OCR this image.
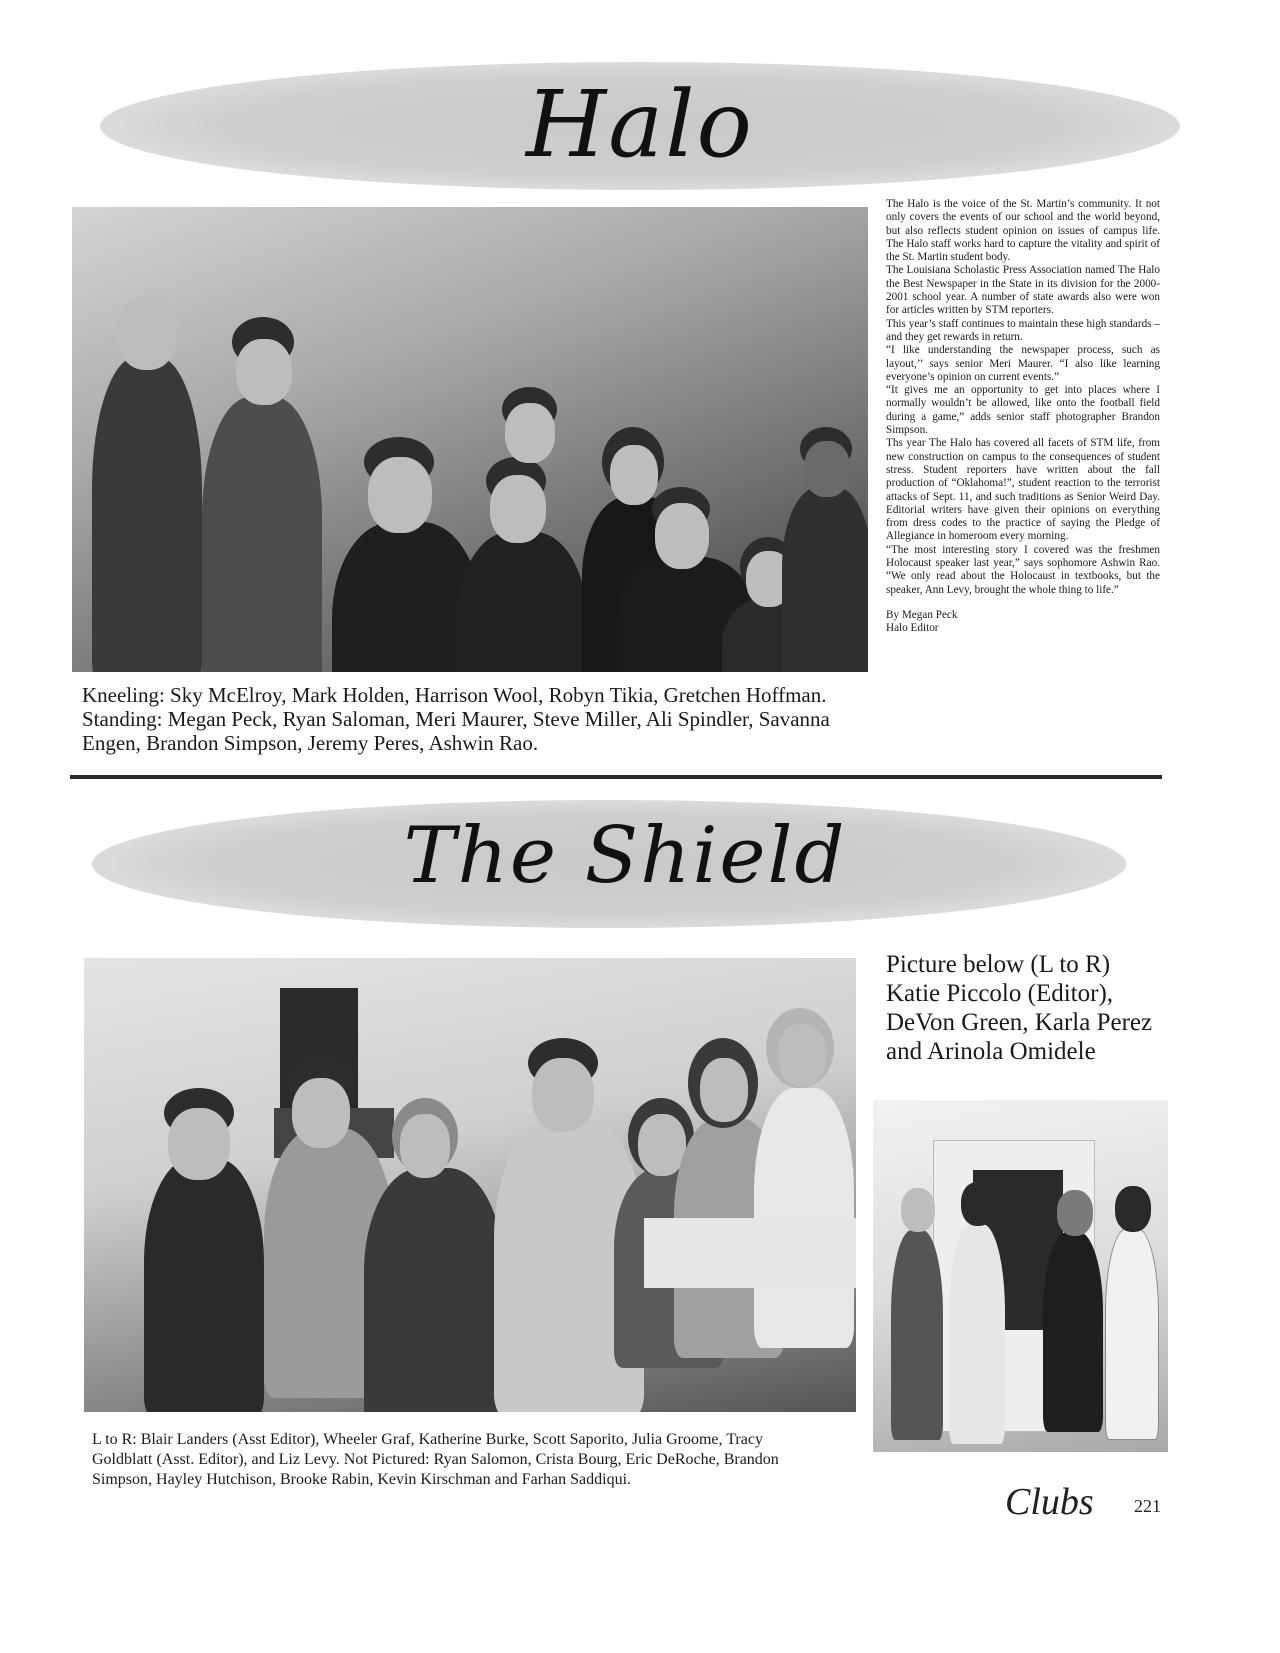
Halo
Kneeling: Sky McElroy, Mark Holden, Harrison Wool, Robyn Tikia, Gretchen Hoffman.
Standing: Megan Peck, Ryan Saloman, Meri Maurer, Steve Miller, Ali Spindler, Savanna
Engen, Brandon Simpson, Jeremy Peres, Ashwin Rao.

The Halo is the voice of the St. Martin’s community. It not only covers the events of our school and the world beyond, but also reflects student opinion on issues of campus life. The Halo staff works hard to capture the vitality and spirit of the St. Martin student body.

The Louisiana Scholastic Press Association named The Halo the Best Newspaper in the State in its division for the 2000-2001 school year. A number of state awards also were won for articles written by STM reporters.

This year’s staff continues to maintain these high standards – and they get rewards in return.

“I like understanding the newspaper process, such as layout,’’ says senior Meri Maurer. “I also like learning everyone’s opinion on current events.”

“It gives me an opportunity to get into places where I normally wouldn’t be allowed, like onto the football field during a game,” adds senior staff photographer Brandon Simpson.

Ths year The Halo has covered all facets of STM life, from new construction on campus to the consequences of student stress. Student reporters have written about the fall production of “Oklahoma!”, student reaction to the terrorist attacks of Sept. 11, and such traditions as Senior Weird Day. Editorial writers have given their opinions on everything from dress codes to the practice of saying the Pledge of Allegiance in homeroom every morning.

“The most interesting story I covered was the freshmen Holocaust speaker last year,” says sophomore Ashwin Rao. “We only read about the Holocaust in textbooks, but the speaker, Ann Levy, brought the whole thing to life.”

By Megan Peck

Halo Editor

The Shield
Picture below (L to R)
Katie Piccolo (Editor),
DeVon Green, Karla Perez
and Arinola Omidele
L to R: Blair Landers (Asst Editor), Wheeler Graf, Katherine Burke, Scott Saporito, Julia Groome, Tracy
Goldblatt (Asst. Editor), and Liz Levy. Not Pictured: Ryan Salomon, Crista Bourg, Eric DeRoche, Brandon
Simpson, Hayley Hutchison, Brooke Rabin, Kevin Kirschman and Farhan Saddiqui.
Clubs 221
